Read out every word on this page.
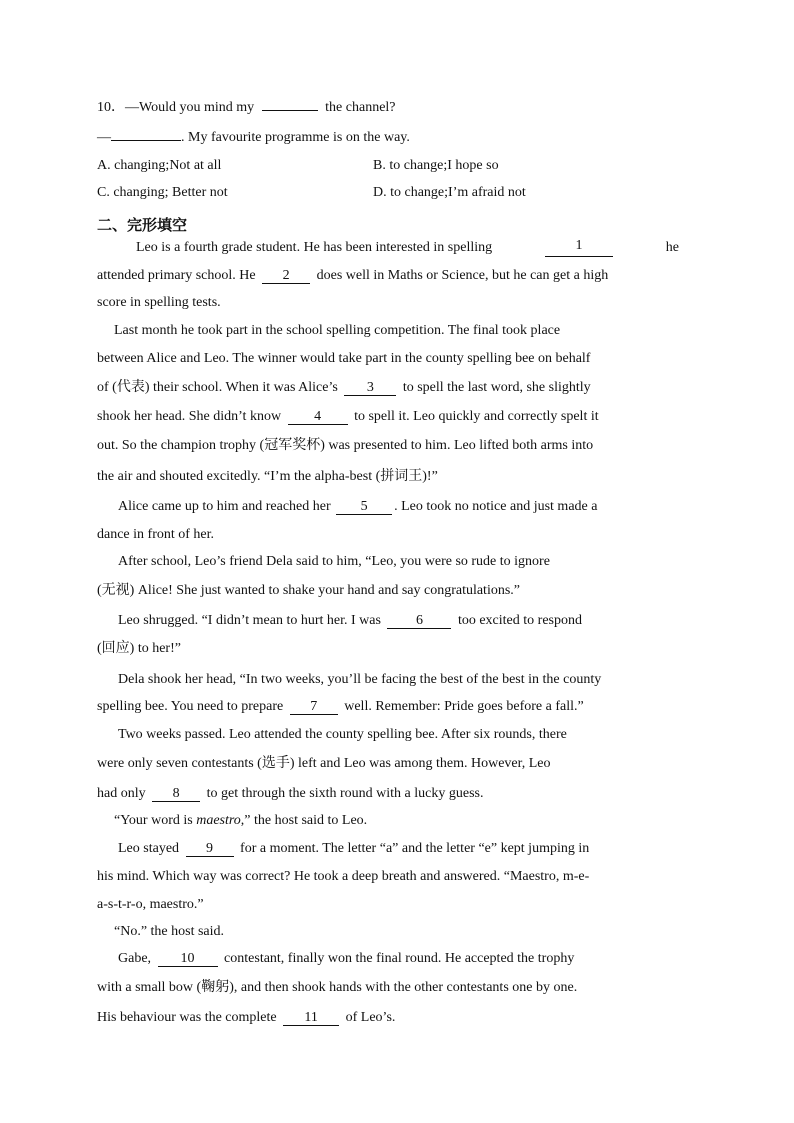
10．—Would you mind my	the channel?
—	. My favourite programme is on the way.
A. changing;Not at all	B. to change;I hope so
C. changing; Better not	D. to change;I’m afraid not
二、完形填空
Leo is a fourth grade student. He has been interested in spelling	1	he
attended primary school. He 2 does well in Maths or Science, but he can get a high
score in spelling tests.
Last month he took part in the school spelling competition. The final took place
between Alice and Leo. The winner would take part in the county spelling bee on behalf
of (代表) their school. When it was Alice’s 3 to spell the last word, she slightly
shook her head. She didn’t know 4 to spell it. Leo quickly and correctly spelt it
out. So the champion trophy (冠军奖杯) was presented to him. Leo lifted both arms into
the air and shouted excitedly. “I’m the alpha-best (拼词王)!”
Alice came up to him and reached her 5 . Leo took no notice and just made a
dance in front of her.
After school, Leo’s friend Dela said to him, “Leo, you were so rude to ignore
(无视) Alice! She just wanted to shake your hand and say congratulations.”
Leo shrugged. “I didn’t mean to hurt her. I was	6	too excited to respond
(回应) to her!”
Dela shook her head, “In two weeks, you’ll be facing the best of the best in the county
spelling bee. You need to prepare 7 well. Remember: Pride goes before a fall.”
Two weeks passed. Leo attended the county spelling bee. After six rounds, there
were only seven contestants (选手) left and Leo was among them. However, Leo
had only 8 to get through the sixth round with a lucky guess.
“Your word is maestro,” the host said to Leo.
Leo stayed 9 for a moment. The letter “a” and the letter “e” kept jumping in
his mind. Which way was correct? He took a deep breath and answered. “Maestro, m-e-
a-s-t-r-o, maestro.”
“No.” the host said.
Gabe, 10 contestant, finally won the final round. He accepted the trophy
with a small bow (鞠躬), and then shook hands with the other contestants one by one.
His behaviour was the complete 11 of Leo’s.
